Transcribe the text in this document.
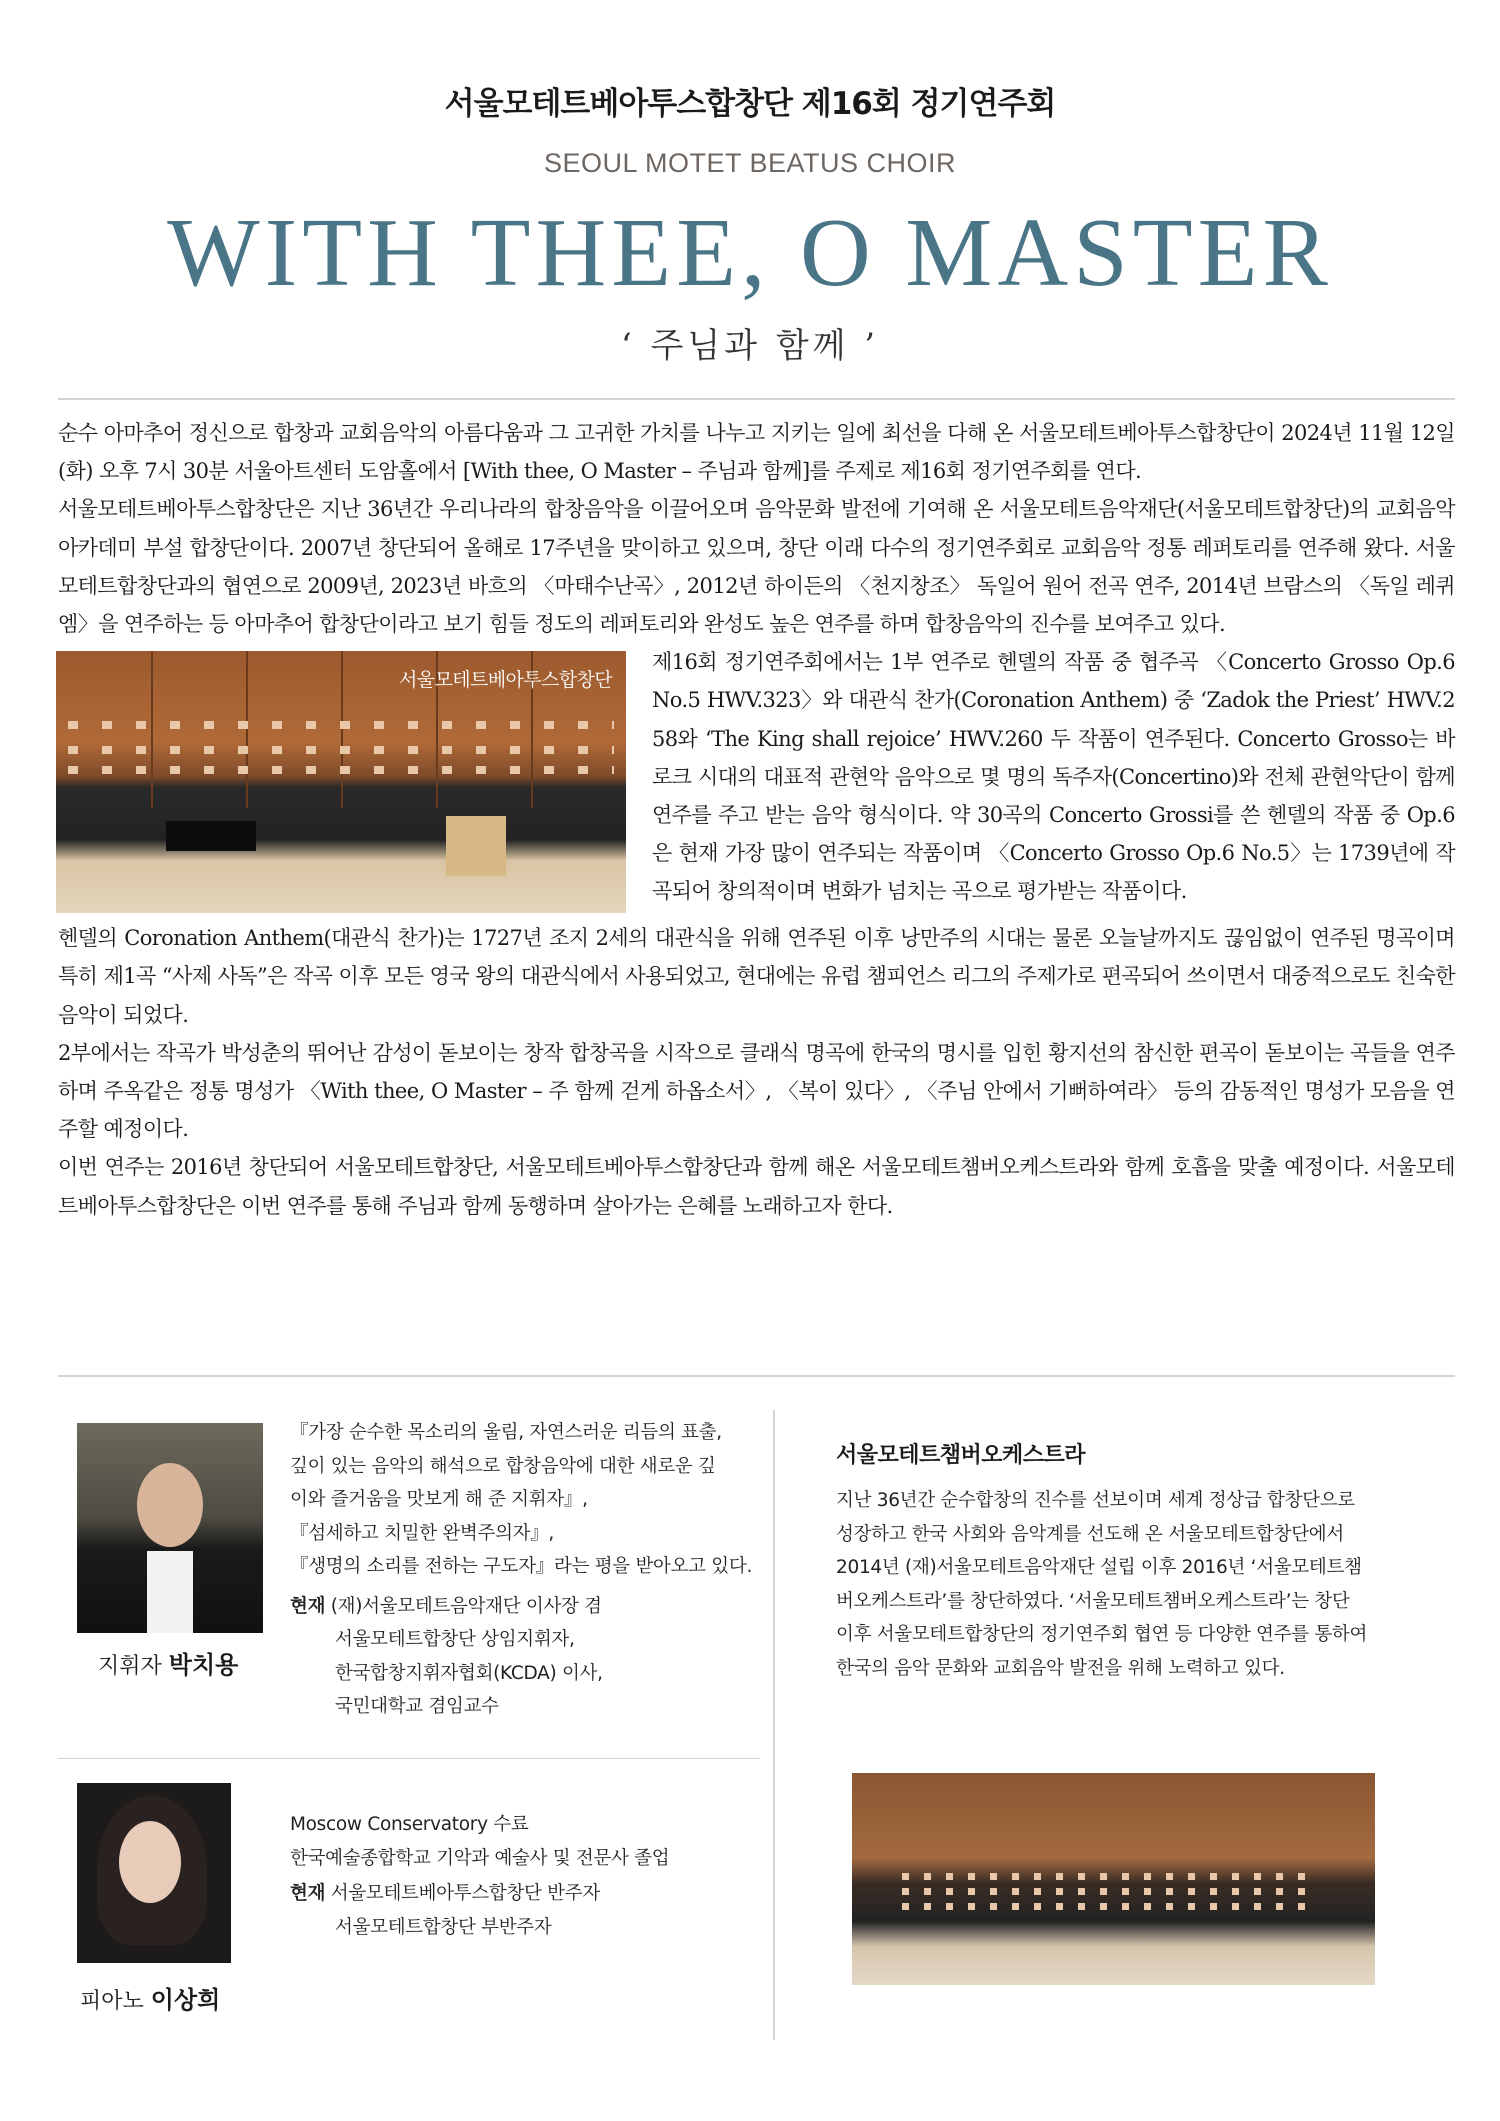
서울모테트베아투스합창단 제16회 정기연주회
SEOUL MOTET BEATUS CHOIR
WITH THEE, O MASTER
‘ 주님과 함께 ’

순수 아마추어 정신으로 합창과 교회음악의 아름다움과 그 고귀한 가치를 나누고 지키는 일에 최선을 다해 온 서울모테트베아투스합창단이 2024년 11월 12일(화) 오후 7시 30분 서울아트센터 도암홀에서 [With thee, O Master – 주님과 함께]를 주제로 제16회 정기연주회를 연다.

서울모테트베아투스합창단은 지난 36년간 우리나라의 합창음악을 이끌어오며 음악문화 발전에 기여해 온 서울모테트음악재단(서울모테트합창단)의 교회음악 아카데미 부설 합창단이다. 2007년 창단되어 올해로 17주년을 맞이하고 있으며, 창단 이래 다수의 정기연주회로 교회음악 정통 레퍼토리를 연주해 왔다. 서울모테트합창단과의 협연으로 2009년, 2023년 바흐의 〈마태수난곡〉, 2012년 하이든의 〈천지창조〉 독일어 원어 전곡 연주, 2014년 브람스의 〈독일 레퀴엠〉을 연주하는 등 아마추어 합창단이라고 보기 힘들 정도의 레퍼토리와 완성도 높은 연주를 하며 합창음악의 진수를 보여주고 있다.

서울모테트베아투스합창단

제16회 정기연주회에서는 1부 연주로 헨델의 작품 중 협주곡 〈Concerto Grosso Op.6 No.5 HWV.323〉와 대관식 찬가(Coronation Anthem) 중 ‘Zadok the Priest’ HWV.258와 ‘The King shall rejoice’ HWV.260 두 작품이 연주된다. Concerto Grosso는 바로크 시대의 대표적 관현악 음악으로 몇 명의 독주자(Concertino)와 전체 관현악단이 함께 연주를 주고 받는 음악 형식이다. 약 30곡의 Concerto Grossi를 쓴 헨델의 작품 중 Op.6은 현재 가장 많이 연주되는 작품이며 〈Concerto Grosso Op.6 No.5〉는 1739년에 작곡되어 창의적이며 변화가 넘치는 곡으로 평가받는 작품이다.

헨델의 Coronation Anthem(대관식 찬가)는 1727년 조지 2세의 대관식을 위해 연주된 이후 낭만주의 시대는 물론 오늘날까지도 끊임없이 연주된 명곡이며 특히 제1곡 “사제 사독”은 작곡 이후 모든 영국 왕의 대관식에서 사용되었고, 현대에는 유럽 챔피언스 리그의 주제가로 편곡되어 쓰이면서 대중적으로도 친숙한 음악이 되었다.

2부에서는 작곡가 박성춘의 뛰어난 감성이 돋보이는 창작 합창곡을 시작으로 클래식 명곡에 한국의 명시를 입힌 황지선의 참신한 편곡이 돋보이는 곡들을 연주하며 주옥같은 정통 명성가 〈With thee, O Master – 주 함께 걷게 하옵소서〉, 〈복이 있다〉, 〈주님 안에서 기뻐하여라〉 등의 감동적인 명성가 모음을 연주할 예정이다.

이번 연주는 2016년 창단되어 서울모테트합창단, 서울모테트베아투스합창단과 함께 해온 서울모테트챔버오케스트라와 함께 호흡을 맞출 예정이다. 서울모테트베아투스합창단은 이번 연주를 통해 주님과 함께 동행하며 살아가는 은혜를 노래하고자 한다.

지휘자 박치용
『가장 순수한 목소리의 울림, 자연스러운 리듬의 표출,
깊이 있는 음악의 해석으로 합창음악에 대한 새로운 깊
이와 즐거움을 맛보게 해 준 지휘자』,
『섬세하고 치밀한 완벽주의자』,
『생명의 소리를 전하는 구도자』라는 평을 받아오고 있다.
현재 (재)서울모테트음악재단 이사장 겸
서울모테트합창단 상임지휘자,
한국합창지휘자협회(KCDA) 이사,
국민대학교 겸임교수
피아노 이상희
Moscow Conservatory 수료
한국예술종합학교 기악과 예술사 및 전문사 졸업
현재 서울모테트베아투스합창단 반주자
서울모테트합창단 부반주자
서울모테트챔버오케스트라
지난 36년간 순수합창의 진수를 선보이며 세계 정상급 합창단으로
성장하고 한국 사회와 음악계를 선도해 온 서울모테트합창단에서
2014년 (재)서울모테트음악재단 설립 이후 2016년 ‘서울모테트챔
버오케스트라’를 창단하였다. ‘서울모테트챔버오케스트라’는 창단
이후 서울모테트합창단의 정기연주회 협연 등 다양한 연주를 통하여
한국의 음악 문화와 교회음악 발전을 위해 노력하고 있다.
